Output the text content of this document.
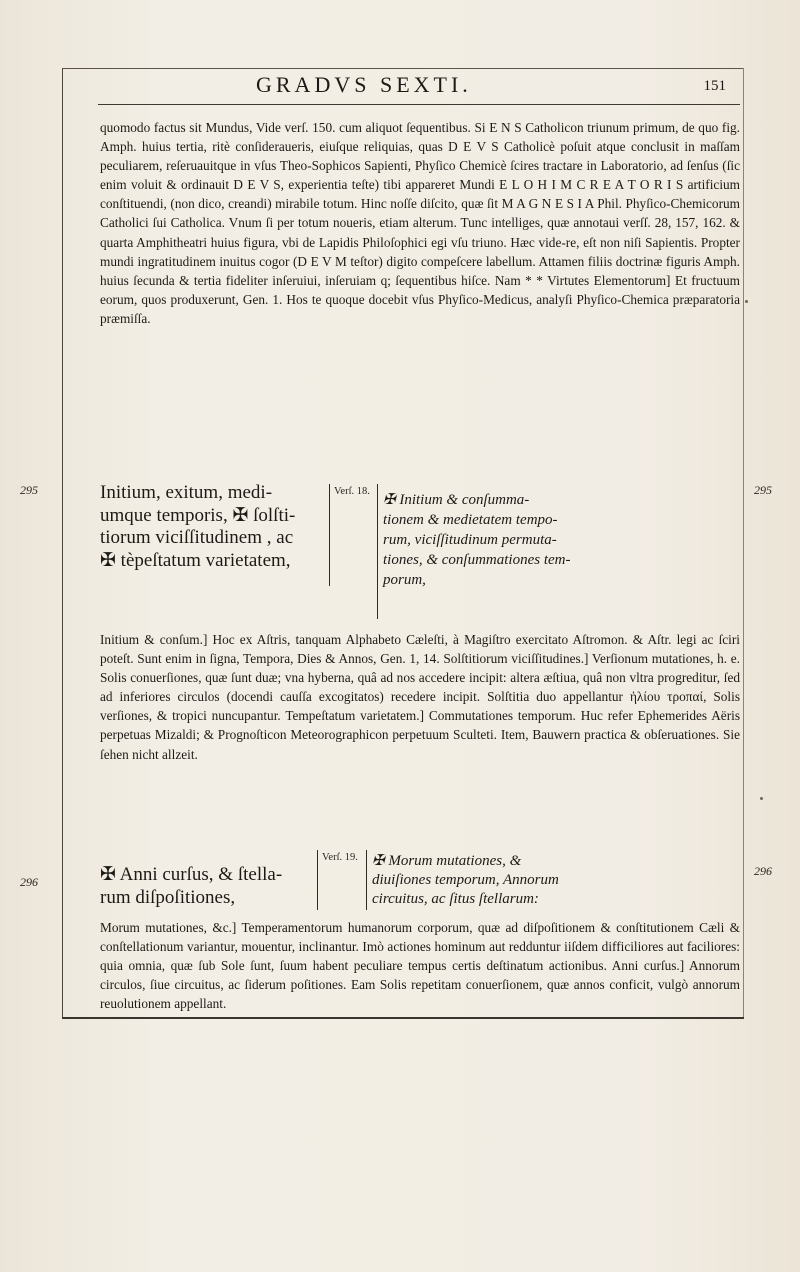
GRADVS SEXTI.	151

quomodo factus sit Mundus, Vide verſ. 150. cum aliquot ſequentibus. Si E N S Catholicon triunum primum, de quo fig. Amph. huius tertia, ritè conſideraueris, eiuſque reliquias, quas D E V S Catholicè poſuit atque conclusit in maſſam peculiarem, reſeruauitque in vſus Theo-Sophicos Sapienti, Phyſico Chemicè ſcires tractare in Laboratorio, ad ſenſus (ſic enim voluit & ordinauit D E V S, experientia teſte) tibi appareret Mundi E L O H I M C R E A T O R I S artificium conſtituendi, (non dico, creandi) mirabile totum. Hinc noſſe diſcito, quæ ſit M A G N E S I A Phil. Phyſico-Chemicorum Catholici ſui Catholica. Vnum ſi per totum noueris, etiam alterum. Tunc intelliges, quæ annotaui verſſ. 28, 157, 162. & quarta Amphitheatri huius figura, vbi de Lapidis Philoſophici egi vſu triuno. Hæc vide-re, eſt non niſi Sapientis. Propter mundi ingratitudinem inuitus cogor (D E V M teſtor) digito compeſcere labellum. Attamen filiis doctrinæ figuris Amph. huius ſecunda & tertia fideliter inſeruiui, inſeruiam q; ſequentibus hiſce. Nam * * Virtutes Elementorum] Et fructuum eorum, quos produxerunt, Gen. 1. Hos te quoque docebit vſus Phyſico-Medicus, analyſi Phyſico-Chemica præparatoria præmiſſa.

295	295

Initium, exitum, medi-

umque temporis, ✠ ſolſti-

tiorum viciſſitudinem , ac

✠ tèpeſtatum varietatem,

Verſ. 18.

✠ Initium & conſumma-

tionem & medietatem tempo-

rum, viciſſitudinum permuta-

tiones, & conſummationes tem-

porum,

Initium & conſum.] Hoc ex Aſtris, tanquam Alphabeto Cæleſti, à Magiſtro exercitato Aſtromon. & Aſtr. legi ac ſciri poteſt. Sunt enim in ſigna, Tempora, Dies & Annos, Gen. 1, 14. Solſtitiorum viciſſitudines.] Verſionum mutationes, h. e. Solis conuerſiones, quæ ſunt duæ; vna hyberna, quâ ad nos accedere incipit: altera æſtiua, quâ non vltra progreditur, ſed ad inferiores circulos (docendi cauſſa excogitatos) recedere incipit. Solſtitia duo appellantur ἡλίου τροπαί, Solis verſiones, & tropici nuncupantur. Tempeſtatum varietatem.] Commutationes temporum. Huc refer Ephemerides Aëris perpetuas Mizaldi; & Prognoſticon Meteorographicon perpetuum Sculteti. Item, Bauwern practica & obſeruationes. Sie ſehen nicht allzeit.

296
296

✠ Anni curſus, & ſtella-

rum diſpoſitiones,

Verſ. 19. ✠ Morum mutationes, &

diuiſiones temporum, Annorum

circuitus, ac ſitus ſtellarum:

Morum mutationes, &c.] Temperamentorum humanorum corporum, quæ ad diſpoſitionem & conſtitutionem Cæli & conſtellationum variantur, mouentur, inclinantur. Imò actiones hominum aut redduntur iiſdem difficiliores aut faciliores: quia omnia, quæ ſub Sole ſunt, ſuum habent peculiare tempus certis deſtinatum actionibus. Anni curſus.] Annorum circulos, ſiue circuitus, ac ſiderum poſitiones. Eam Solis repetitam conuerſionem, quæ annos conficit, vulgò annorum reuolutionem appellant.
